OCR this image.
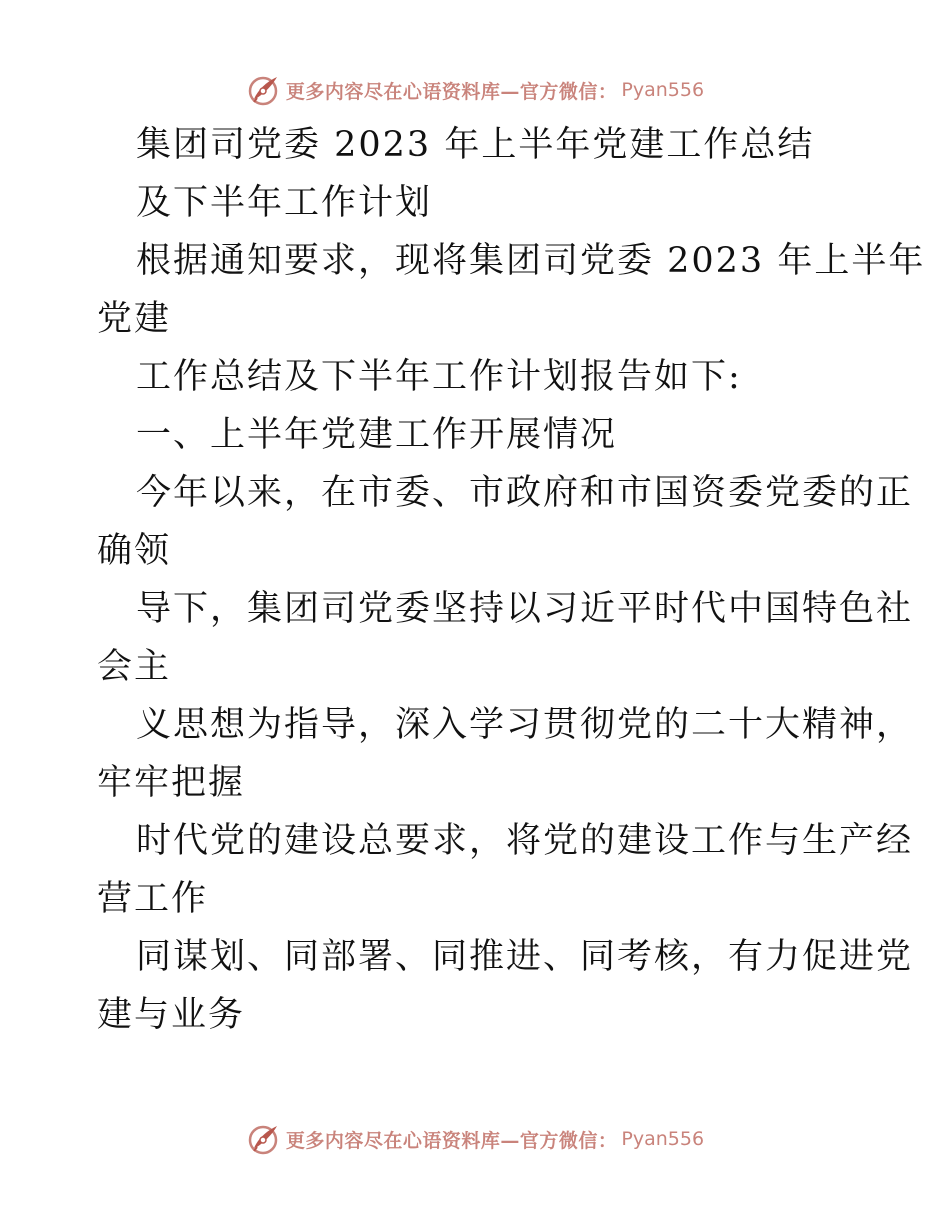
更多内容尽在心语资料库—官方微信： Pyan556
集团司党委 2023 年上半年党建工作总结
及下半年工作计划
根据通知要求，现将集团司党委 2023 年上半年
党建
工作总结及下半年工作计划报告如下:
一、上半年党建工作开展情况
今年以来，在市委、市政府和市国资委党委的正
确领
导下，集团司党委坚持以习近平时代中国特色社
会主
义思想为指导，深入学习贯彻党的二十大精神，
牢牢把握
时代党的建设总要求，将党的建设工作与生产经
营工作
同谋划、同部署、同推进、同考核，有力促进党
建与业务
更多内容尽在心语资料库—官方微信： Pyan556
